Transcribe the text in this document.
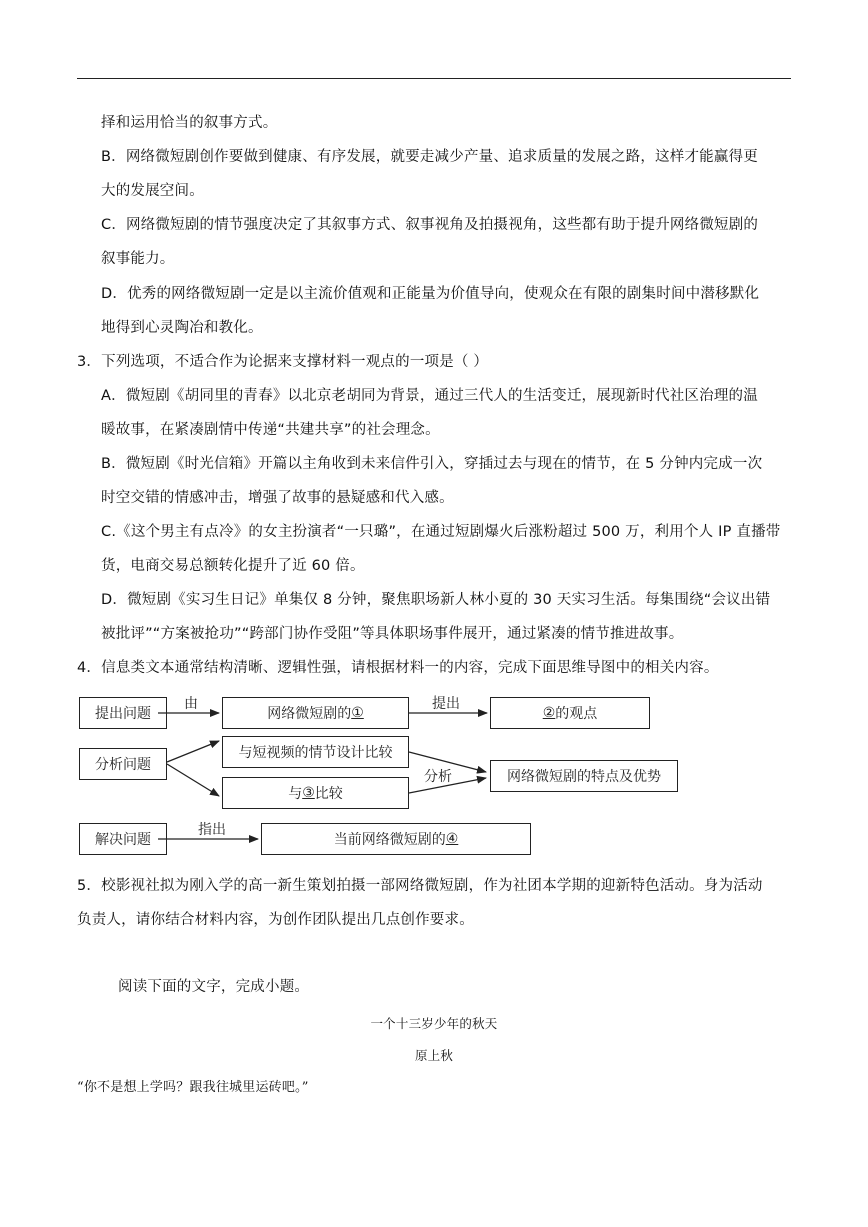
择和运用恰当的叙事方式。
B．网络微短剧创作要做到健康、有序发展，就要走减少产量、追求质量的发展之路，这样才能赢得更
大的发展空间。
C．网络微短剧的情节强度决定了其叙事方式、叙事视角及拍摄视角，这些都有助于提升网络微短剧的
叙事能力。
D．优秀的网络微短剧一定是以主流价值观和正能量为价值导向，使观众在有限的剧集时间中潜移默化
地得到心灵陶冶和教化。
3．下列选项，不适合作为论据来支撑材料一观点的一项是（ ）
A．微短剧《胡同里的青春》以北京老胡同为背景，通过三代人的生活变迁，展现新时代社区治理的温
暖故事，在紧凑剧情中传递“共建共享”的社会理念。
B．微短剧《时光信箱》开篇以主角收到未来信件引入，穿插过去与现在的情节，在 5 分钟内完成一次
时空交错的情感冲击，增强了故事的悬疑感和代入感。
C.《这个男主有点冷》的女主扮演者“一只璐”，在通过短剧爆火后涨粉超过 500 万，利用个人 IP 直播带
货，电商交易总额转化提升了近 60 倍。
D．微短剧《实习生日记》单集仅 8 分钟，聚焦职场新人林小夏的 30 天实习生活。每集围绕“会议出错
被批评”“方案被抢功”“跨部门协作受阻”等具体职场事件展开，通过紧凑的情节推进故事。
4．信息类文本通常结构清晰、逻辑性强，请根据材料一的内容，完成下面思维导图中的相关内容。
提出问题	网络微短剧的 ①	② 的观点
分析问题
与短视频的情节设计比较
与 ③ 比较
网络微短剧的特点及优势
解决问题	当前网络微短剧的 ④
由	提出
分析
指出
5．校影视社拟为刚入学的高一新生策划拍摄一部网络微短剧，作为社团本学期的迎新特色活动。身为活动
负责人，请你结合材料内容，为创作团队提出几点创作要求。
阅读下面的文字，完成小题。
一个十三岁少年的秋天
原上秋
“你不是想上学吗？跟我往城里运砖吧。”
